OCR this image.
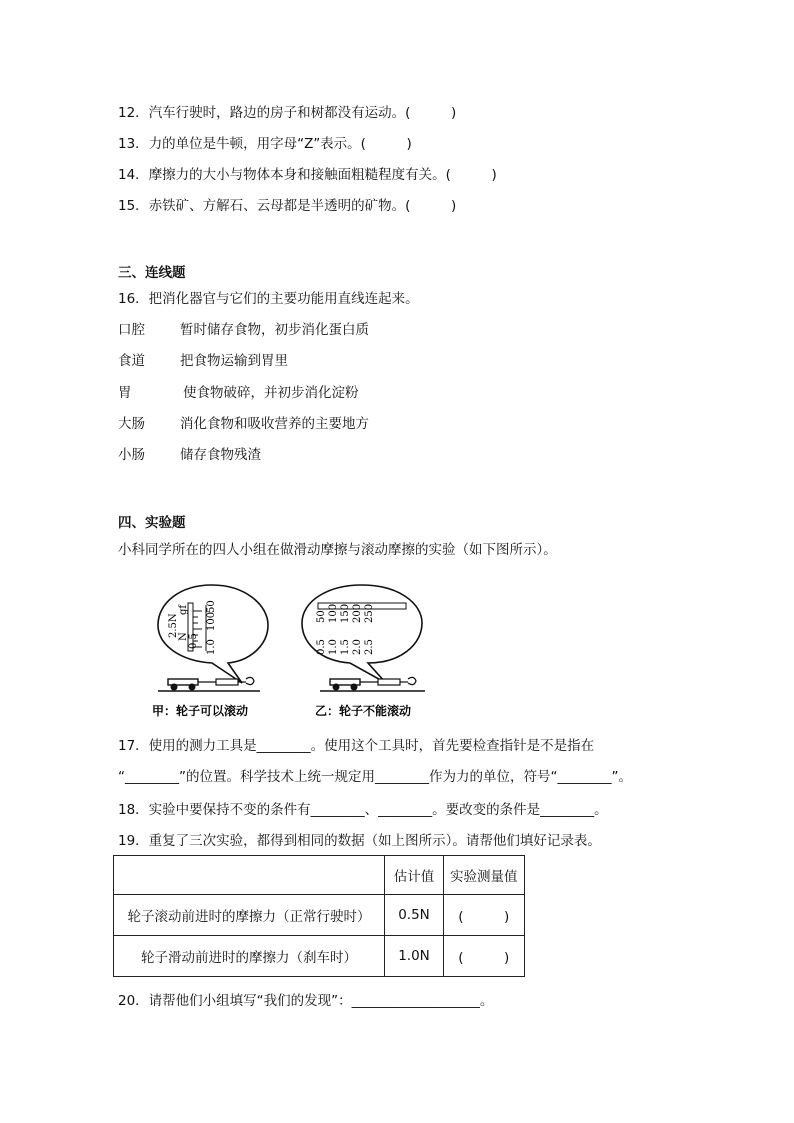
12．汽车行驶时，路边的房子和树都没有运动。(　　　)
13．力的单位是牛顿，用字母“Z”表示。(　　　)
14．摩擦力的大小与物体本身和接触面粗糙程度有关。(　　　)
15．赤铁矿、方解石、云母都是半透明的矿物。(　　　)
三、连线题
16．把消化器官与它们的主要功能用直线连起来。
口腔	暂时储存食物，初步消化蛋白质
食道	把食物运输到胃里
胃	使食物破碎，并初步消化淀粉
大肠	消化食物和吸收营养的主要地方
小肠	储存食物残渣
四、实验题
小科同学所在的四人小组在做滑动摩擦与滚动摩擦的实验（如下图所示）。
2.5N N
gf 50
100
0.5 1.0
50 100 150 200 250
0.5 1.0 1.5 2.0 2.5
甲：轮子可以滚动	乙：轮子不能滚动
17．使用的测力工具是________。使用这个工具时，首先要检查指针是不是指在
“________”的位置。科学技术上统一规定用________作为力的单位，符号“________”。
18．实验中要保持不变的条件有________、________。要改变的条件是________。
19．重复了三次实验，都得到相同的数据（如上图所示）。请帮他们填好记录表。
	估计值	实验测量值
轮子滚动前进时的摩擦力（正常行驶时）	0.5N	(　　　)
轮子滑动前进时的摩擦力（刹车时）	1.0N	(　　　)
20．请帮他们小组填写“我们的发现”：___________________。
